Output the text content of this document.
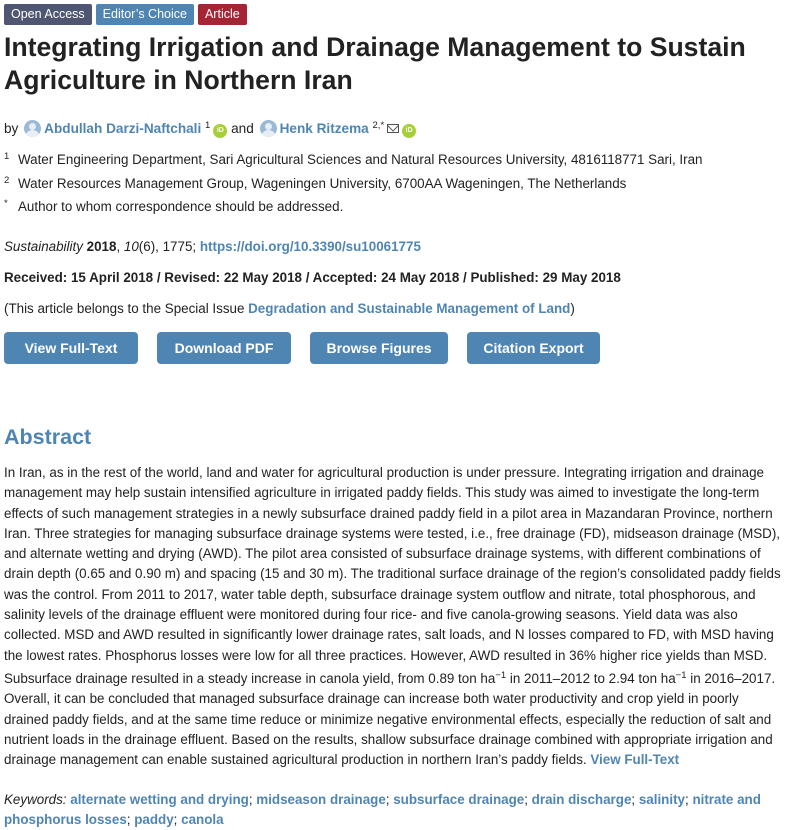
Open Access	Editor’s Choice	Article
Integrating Irrigation and Drainage Management to Sustain Agriculture in Northern Iran
by Abdullah Darzi-Naftchali $^1$ iD and Henk Ritzema $^{2,*}$	iD
1 Water Engineering Department, Sari Agricultural Sciences and Natural Resources University, 4816118771 Sari, Iran
2 Water Resources Management Group, Wageningen University, 6700AA Wageningen, The Netherlands
* Author to whom correspondence should be addressed.
Sustainability 2018, 10(6), 1775; https://doi.org/10.3390/su10061775
Received: 15 April 2018 / Revised: 22 May 2018 / Accepted: 24 May 2018 / Published: 29 May 2018
(This article belongs to the Special Issue Degradation and Sustainable Management of Land)
View Full-Text	Download PDF	Browse Figures	Citation Export
Abstract

In Iran, as in the rest of the world, land and water for agricultural production is under pressure. Integrating irrigation and drainage management may help sustain intensified agriculture in irrigated paddy fields. This study was aimed to investigate the long-term effects of such management strategies in a newly subsurface drained paddy field in a pilot area in Mazandaran Province, northern Iran. Three strategies for managing subsurface drainage systems were tested, i.e., free drainage (FD), midseason drainage (MSD), and alternate wetting and drying (AWD). The pilot area consisted of subsurface drainage systems, with different combinations of drain depth (0.65 and 0.90 m) and spacing (15 and 30 m). The traditional surface drainage of the region’s consolidated paddy fields was the control. From 2011 to 2017, water table depth, subsurface drainage system outflow and nitrate, total phosphorous, and salinity levels of the drainage effluent were monitored during four rice- and five canola-growing seasons. Yield data was also collected. MSD and AWD resulted in significantly lower drainage rates, salt loads, and N losses compared to FD, with MSD having the lowest rates. Phosphorus losses were low for all three practices. However, AWD resulted in 36% higher rice yields than MSD. Subsurface drainage resulted in a steady increase in canola yield, from 0.89 ton $ha^{-1}$ in 2011–2012 to 2.94 ton $ha^{-1}$ in 2016–2017. Overall, it can be concluded that managed subsurface drainage can increase both water productivity and crop yield in poorly drained paddy fields, and at the same time reduce or minimize negative environmental effects, especially the reduction of salt and nutrient loads in the drainage effluent. Based on the results, shallow subsurface drainage combined with appropriate irrigation and drainage management can enable sustained agricultural production in northern Iran’s paddy fields. View Full-Text

Keywords: alternate wetting and drying; midseason drainage; subsurface drainage; drain discharge; salinity; nitrate and phosphorus losses; paddy; canola
